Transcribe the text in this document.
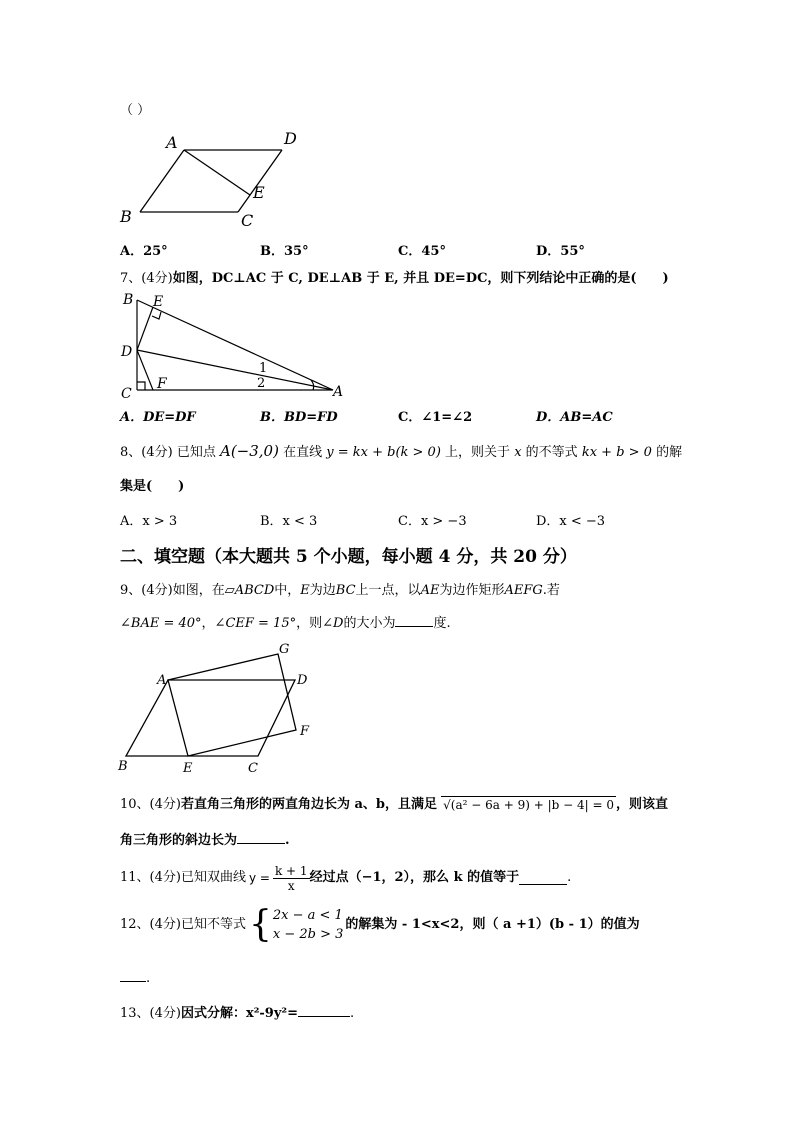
（ ）
A	D
E
B	C
A．25°	B．35°	C．45°	D．55°
7、(4分)如图，DC⊥AC 于 C, DE⊥AB 于 E, 并且 DE=DC，则下列结论中正确的是(　　)
B E
D
C
F	A
1
2
A．DE=DF	B．BD=FD	C．∠1=∠2	D．AB=AC
8、(4分) 已知点 A(−3,0) 在直线 y = kx + b(k > 0) 上，则关于 x 的不等式 kx + b > 0 的解
集是(　　)
A．x > 3	B．x < 3	C．x > −3	D．x < −3
二、填空题（本大题共 5 个小题，每小题 4 分，共 20 分）
9、(4分)如图，在▱ABCD中，E为边BC上一点，以AE为边作矩形AEFG.若
∠BAE = 40°，∠CEF = 15°，则∠D的大小为	度.
A	D
G
F
B	E	C
10、(4分)若直角三角形的两直角边长为 a、b，且满足 √(a² − 6a + 9) + |b − 4| = 0 ，则该直
角三角形的斜边长为	.
11、(4分) 已知双曲线 $y = \frac{k + 1}{x}$ 经过点（−1，2），那么 k 的值等于	.
12、(4分) 已知不等式 { 2x − a < 1
x − 2b > 3
的解集为 - 1<x<2，则（ a +1）(b - 1）的值为
.
13、(4分)因式分解：x²-9y²=	.
